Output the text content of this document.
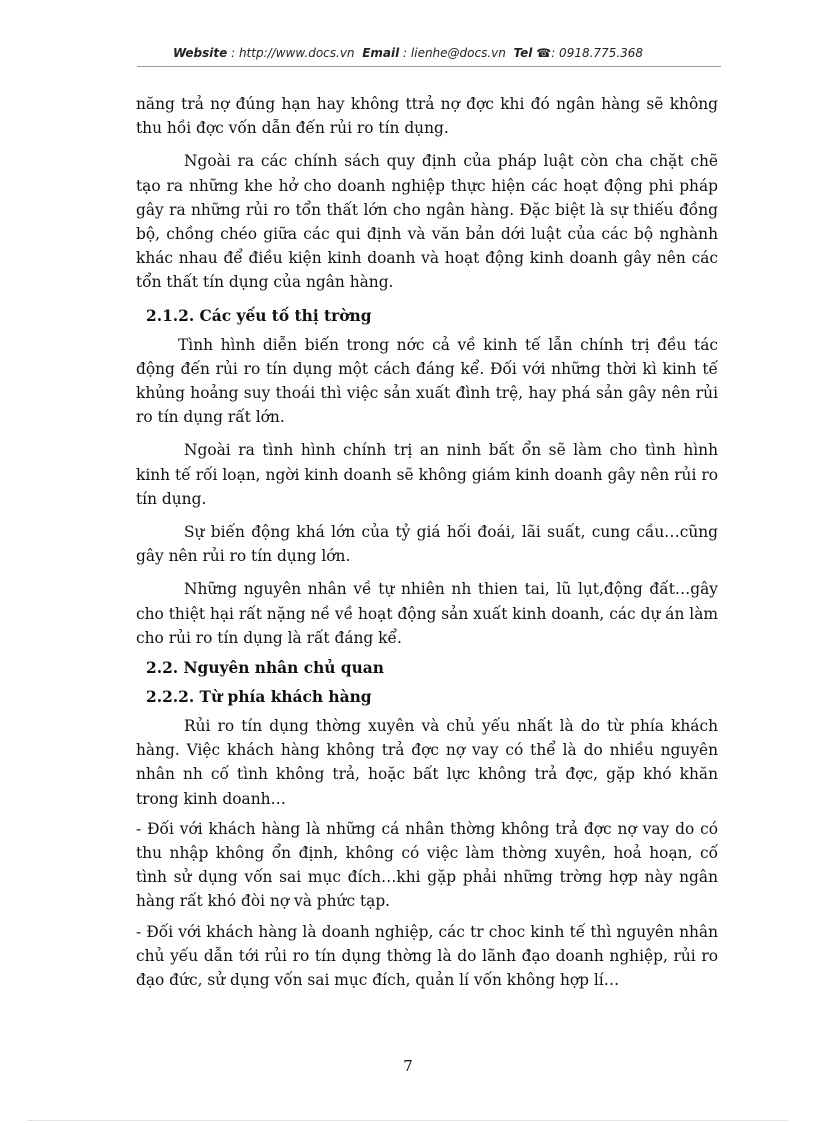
Website : http://www.docs.vn Email : lienhe@docs.vn Tel ☎: 0918.775.368

năng trả nợ đúng hạn hay không ttrả nợ đợc khi đó ngân hàng sẽ không thu hồi đợc vốn dẫn đến rủi ro tín dụng.

Ngoài ra các chính sách quy định của pháp luật còn cha chặt chẽ tạo ra những khe hở cho doanh nghiệp thực hiện các hoạt động phi pháp gây ra những rủi ro tổn thất lớn cho ngân hàng. Đặc biệt là sự thiếu đồng bộ, chồng chéo giữa các qui định và văn bản dới luật của các bộ nghành khác nhau để điều kiện kinh doanh và hoạt động kinh doanh gây nên các tổn thất tín dụng của ngân hàng.

2.1.2. Các yếu tố thị trờng

Tình hình diễn biến trong nớc cả về kinh tế lẫn chính trị đều tác động đến rủi ro tín dụng một cách đáng kể. Đối với những thời kì kinh tế khủng hoảng suy thoái thì việc sản xuất đình trệ, hay phá sản gây nên rủi ro tín dụng rất lớn.

Ngoài ra tình hình chính trị an ninh bất ổn sẽ làm cho tình hình kinh tế rối loạn, ngời kinh doanh sẽ không giám kinh doanh gây nên rủi ro tín dụng.

Sự biến động khá lớn của tỷ giá hối đoái, lãi suất, cung cầu…cũng gây nên rủi ro tín dụng lớn.

Những nguyên nhân về tự nhiên nh thien tai, lũ lụt,động đất…gây cho thiệt hại rất nặng nề về hoạt động sản xuất kinh doanh, các dự án làm cho rủi ro tín dụng là rất đáng kể.

2.2. Nguyên nhân chủ quan
2.2.2. Từ phía khách hàng

Rủi ro tín dụng thờng xuyên và chủ yếu nhất là do từ phía khách hàng. Việc khách hàng không trả đợc nợ vay có thể là do nhiều nguyên nhân nh cố tình không trả, hoặc bất lực không trả đợc, gặp khó khăn trong kinh doanh…

- Đối với khách hàng là những cá nhân thờng không trả đợc nợ vay do có thu nhập không ổn định, không có việc làm thờng xuyên, hoả hoạn, cố tình sử dụng vốn sai mục đích…khi gặp phải những trờng hợp này ngân hàng rất khó đòi nợ và phức tạp.

- Đối với khách hàng là doanh nghiệp, các tr choc kinh tế thì nguyên nhân chủ yếu dẫn tới rủi ro tín dụng thờng là do lãnh đạo doanh nghiệp, rủi ro đạo đức, sử dụng vốn sai mục đích, quản lí vốn không hợp lí…

7
